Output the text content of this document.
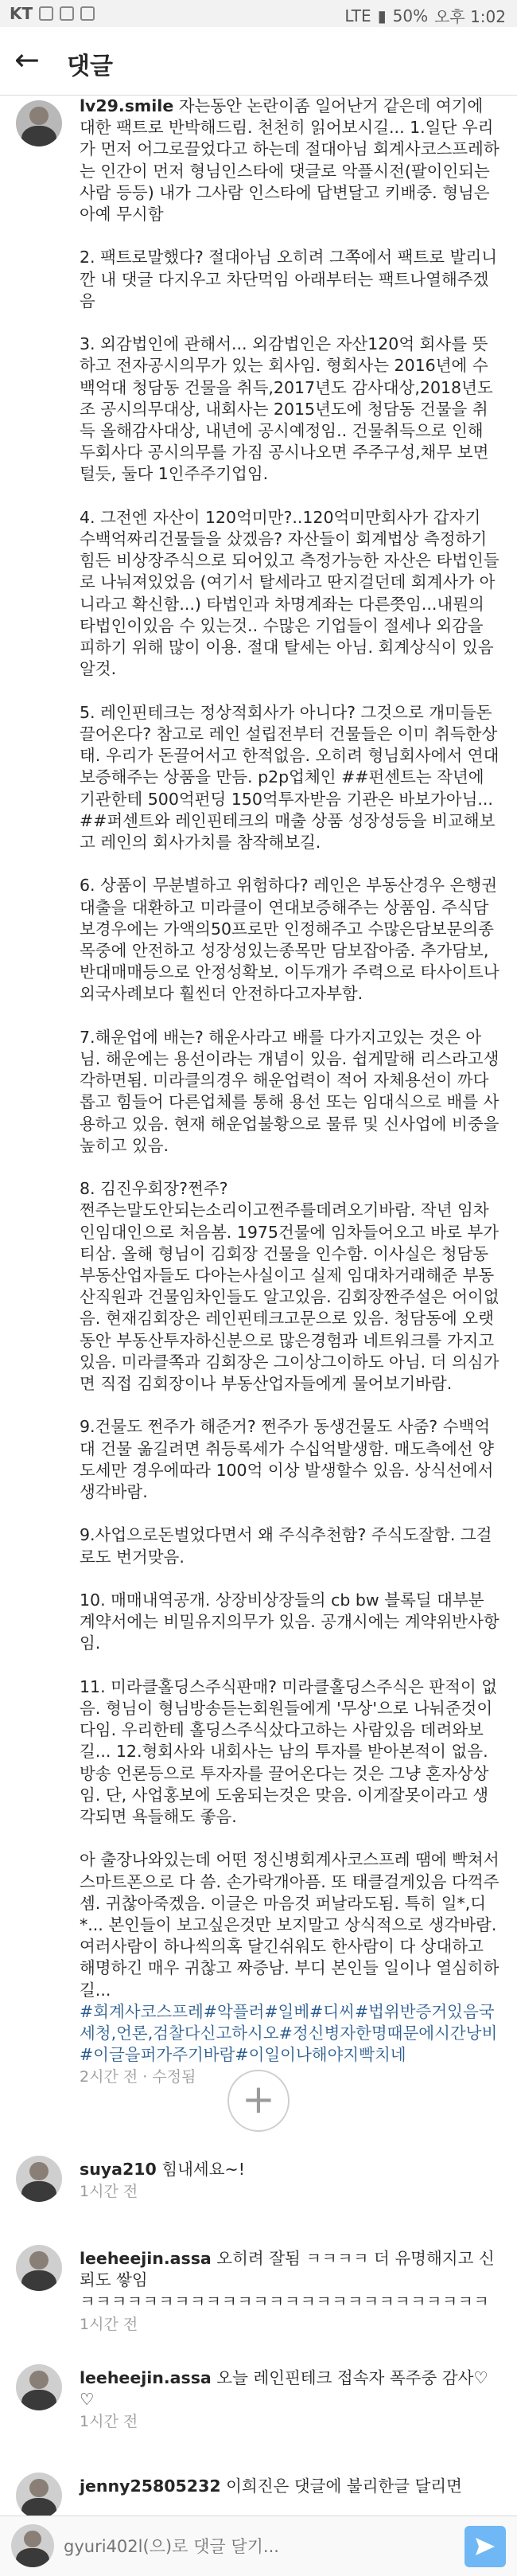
KT	LTE ▮ 50% 오후 1:02
← 댓글
lv29.smile 자는동안 논란이좀 일어난거 같은데 여기에 대한 팩트로 반박해드림. 천천히 읽어보시길... 1.일단 우리가 먼저 어그로끌었다고 하는데 절대아님 회계사코스프레하는 인간이 먼저 형님인스타에 댓글로 악플시전(팔이인되는사람 등등) 내가 그사람 인스타에 답변달고 키배중. 형님은 아예 무시함

2. 팩트로말했다? 절대아님 오히려 그쪽에서 팩트로 발리니깐 내 댓글 다지우고 차단먹임 아래부터는 팩트나열해주겠음

3. 외감법인에 관해서... 외감법인은 자산120억 회사를 뜻하고 전자공시의무가 있는 회사임. 형회사는 2016년에 수백억대 청담동 건물을 취득,2017년도 감사대상,2018년도조 공시의무대상, 내회사는 2015년도에 청담동 건물을 취득 올해감사대상, 내년에 공시예정임.. 건물취득으로 인해 두회사다 공시의무를 가짐 공시나오면 주주구성,채무 보면 털듯, 둘다 1인주주기업임.

4. 그전엔 자산이 120억미만?..120억미만회사가 갑자기 수백억짜리건물들을 샀겠음? 자산들이 회계법상 측정하기힘든 비상장주식으로 되어있고 측정가능한 자산은 타법인들로 나눠져있었음 (여기서 탈세라고 딴지걸던데 회계사가 아니라고 확신함...) 타법인과 차명계좌는 다른쯧임...내뭔의 타법인이있음 수 있는것.. 수많은 기업들이 절세나 외감을 피하기 위해 많이 이용. 절대 탈세는 아님. 회계상식이 있음 알것.

5. 레인핀테크는 정상적회사가 아니다? 그것으로 개미들돈 끌어온다? 참고로 레인 설립전부터 건물들은 이미 취득한상태. 우리가 돈끌어서고 한적없음. 오히려 형님회사에서 연대보증해주는 상품을 만듬. p2p업체인 ##펀센트는 작년에 기관한테 500억펀딩 150억투자받음 기관은 바보가아님... ##퍼센트와 레인핀테크의 매출 상품 성장성등을 비교해보고 레인의 회사가치를 참작해보길.

6. 상품이 무분별하고 위험하다? 레인은 부동산경우 은행권대출을 대환하고 미라클이 연대보증해주는 상품임. 주식담보경우에는 가액의50프로만 인정해주고 수많은담보문의종목중에 안전하고 성장성있는종목만 담보잡아줌. 추가담보,반대매매등으로 안정성확보. 이두개가 주력으로 타사이트나 외국사례보다 훨씬더 안전하다고자부함.

7.해운업에 배는? 해운사라고 배를 다가지고있는 것은 아님. 해운에는 용선이라는 개념이 있음. 쉽게말해 리스라고생각하면됨. 미라클의경우 해운업력이 적어 자체용선이 까다롭고 힘들어 다른업체를 통해 용선 또는 임대식으로 배를 사용하고 있음. 현재 해운업불황으로 물류 및 신사업에 비중을 높히고 있음.

8. 김진우회장?쩐주?
쩐주는말도안되는소리이고쩐주를데려오기바람. 작년 임차인임대인으로 처음봄. 1975건물에 임차들어오고 바로 부가티삼. 올해 형님이 김회장 건물을 인수함. 이사실은 청담동 부동산업자들도 다아는사실이고 실제 임대차거래해준 부동산직원과 건물임차인들도 알고있음. 김회장짠주설은 어이없음. 현재김회장은 레인핀테크고문으로 있음. 청담동에 오랫동안 부동산투자하신분으로 많은경험과 네트워크를 가지고있음. 미라클쪽과 김회장은 그이상그이하도 아님. 더 의심가면 직접 김회장이나 부동산업자들에게 물어보기바람.

9.건물도 쩐주가 해준거? 쩐주가 동생건물도 사줌? 수백억대 건물 옮길려면 취등록세가 수십억발생함. 매도측에선 양도세만 경우에따라 100억 이상 발생할수 있음. 상식선에서 생각바람.

9.사업으로돈벌었다면서 왜 주식추천함? 주식도잘함. 그걸로도 번거맞음.

10. 매매내역공개. 상장비상장들의 cb bw 블록딜 대부분 계약서에는 비밀유지의무가 있음. 공개시에는 계약위반사항임.

11. 미라클홀딩스주식판매? 미라클홀딩스주식은 판적이 없음. 형님이 형님방송듣는회원들에게 '무상'으로 나눠준것이 다임. 우리한테 홀딩스주식샀다고하는 사람있음 데려와보길... 12.형회사와 내회사는 남의 투자를 받아본적이 없음. 방송 언론등으로 투자자를 끌어온다는 것은 그냥 혼자상상임. 단, 사업홍보에 도움되는것은 맞음. 이게잘못이라고 생각되면 욕들해도 좋음.

아 출장나와있는데 어떤 정신병회계사코스프레 땜에 빡쳐서 스마트폰으로 다 씀. 손가락개아픔. 또 태클걸게있음 다꺽주셈. 귀찮아죽겠음. 이글은 마음것 퍼날라도됨. 특히 일*,디*... 본인들이 보고싶은것만 보지말고 상식적으로 생각바람. 여러사람이 하나씩의혹 달긴쉬워도 한사람이 다 상대하고 해명하긴 매우 귀찮고 짜증남. 부디 본인들 일이나 열심히하길...
#회계사코스프레#악플러#일베#디씨#법위반증거있음국세청,언론,검찰다신고하시오#정신병자한명때문에시간낭비#이글을퍼가주기바람#이일이나해야지빡치네
2시간 전 · 수정됨	+
suya210 힘내세요~!
1시간 전
leeheejin.assa 오히려 잘됨 ㅋㅋㅋㅋ 더 유명해지고 신뢰도 쌓임
ㅋㅋㅋㅋㅋㅋㅋㅋㅋㅋㅋㅋㅋㅋㅋㅋㅋㅋㅋㅋㅋㅋㅋㅋㅋㅋ
1시간 전
leeheejin.assa 오늘 레인핀테크 접속자 폭주중 감사♡♡
1시간 전
jenny25805232 이희진은 댓글에 불리한글 달리면
gyuri402l(으)로 댓글 달기...
